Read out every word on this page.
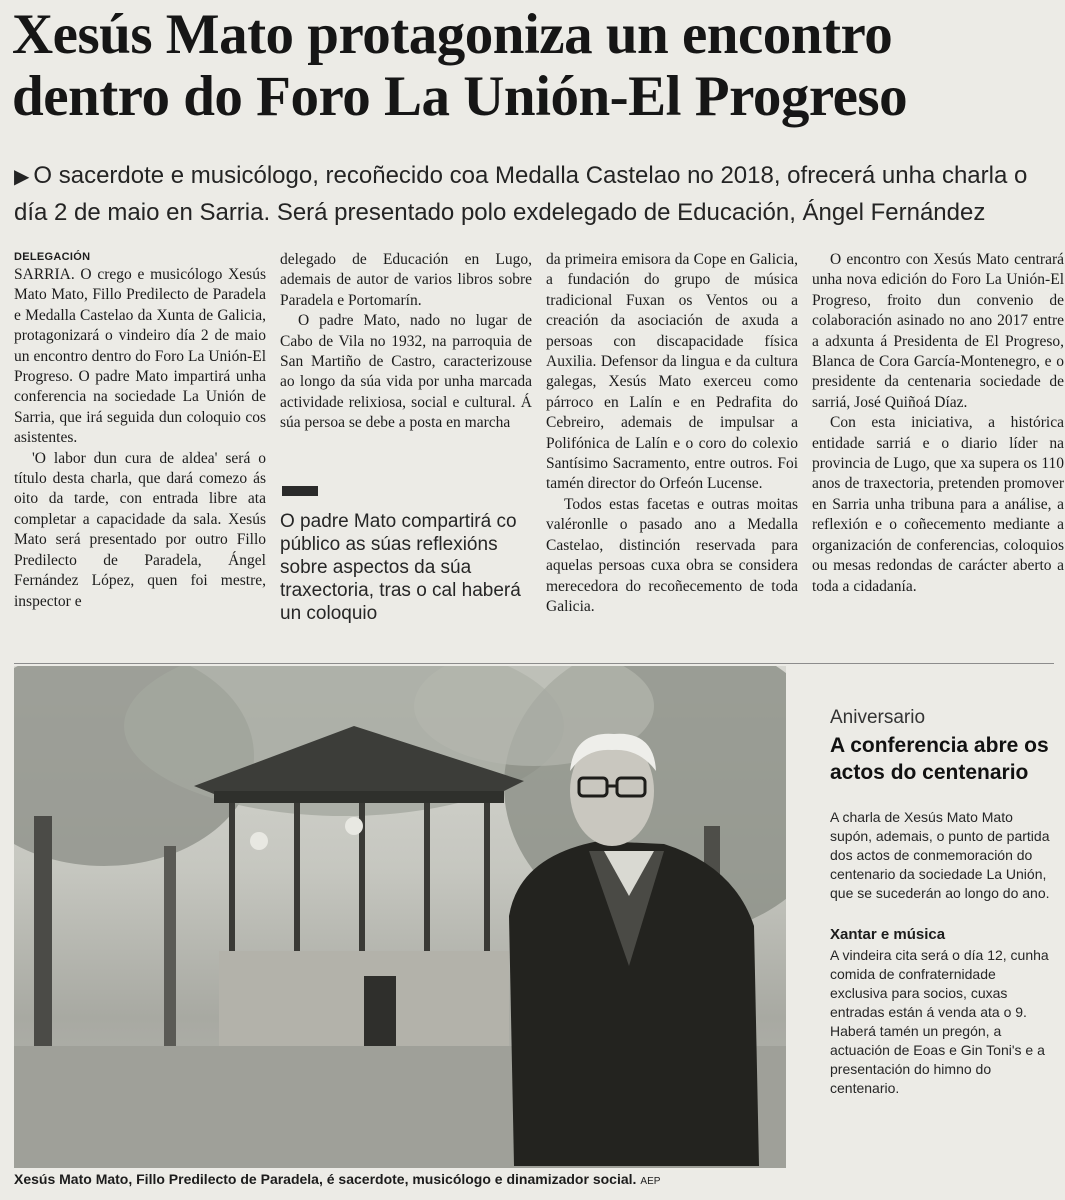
Xesús Mato protagoniza un encontro
dentro do Foro La Unión-El Progreso

▶ O sacerdote e musicólogo, recoñecido coa Medalla Castelao no 2018, ofrecerá unha charla o día 2 de maio en Sarria. Será presentado polo exdelegado de Educación, Ángel Fernández

DELEGACIÓN

SARRIA. O crego e musicólogo Xesús Mato Mato, Fillo Predilecto de Paradela e Medalla Castelao da Xunta de Galicia, protagonizará o vindeiro día 2 de maio un encontro dentro do Foro La Unión-El Progreso. O padre Mato impartirá unha conferencia na sociedade La Unión de Sarria, que irá seguida dun coloquio cos asistentes.

'O labor dun cura de aldea' será o título desta charla, que dará comezo ás oito da tarde, con entrada libre ata completar a capacidade da sala. Xesús Mato será presentado por outro Fillo Predilecto de Paradela, Ángel Fernández López, quen foi mestre, inspector e

delegado de Educación en Lugo, ademais de autor de varios libros sobre Paradela e Portomarín.

O padre Mato, nado no lugar de Cabo de Vila no 1932, na parroquia de San Martiño de Castro, caracterizouse ao longo da súa vida por unha marcada actividade relixiosa, social e cultural. Á súa persoa se debe a posta en marcha

O padre Mato compartirá co público as súas reflexións sobre aspectos da súa traxectoria, tras o cal haberá un coloquio

da primeira emisora da Cope en Galicia, a fundación do grupo de música tradicional Fuxan os Ventos ou a creación da asociación de axuda a persoas con discapacidade física Auxilia. Defensor da lingua e da cultura galegas, Xesús Mato exerceu como párroco en Lalín e en Pedrafita do Cebreiro, ademais de impulsar a Polifónica de Lalín e o coro do colexio Santísimo Sacramento, entre outros. Foi tamén director do Orfeón Lucense.

Todos estas facetas e outras moitas valéronlle o pasado ano a Medalla Castelao, distinción reservada para aquelas persoas cuxa obra se considera merecedora do recoñecemento de toda Galicia.

O encontro con Xesús Mato centrará unha nova edición do Foro La Unión-El Progreso, froito dun convenio de colaboración asinado no ano 2017 entre a adxunta á Presidenta de El Progreso, Blanca de Cora García-Montenegro, e o presidente da centenaria sociedade de sarriá, José Quiñoá Díaz.

Con esta iniciativa, a histórica entidade sarriá e o diario líder na provincia de Lugo, que xa supera os 110 anos de traxectoria, pretenden promover en Sarria unha tribuna para a análise, a reflexión e o coñecemento mediante a organización de conferencias, coloquios ou mesas redondas de carácter aberto a toda a cidadanía.

Xesús Mato Mato, Fillo Predilecto de Paradela, é sacerdote, musicólogo e dinamizador social. AEP
Aniversario
A conferencia abre os actos do centenario

A charla de Xesús Mato Mato supón, ademais, o punto de partida dos actos de conmemoración do centenario da sociedade La Unión, que se sucederán ao longo do ano.

Xantar e música

A vindeira cita será o día 12, cunha comida de confraternidade exclusiva para socios, cuxas entradas están á venda ata o 9. Haberá tamén un pregón, a actuación de Eoas e Gin Toni's e a presentación do himno do centenario.
